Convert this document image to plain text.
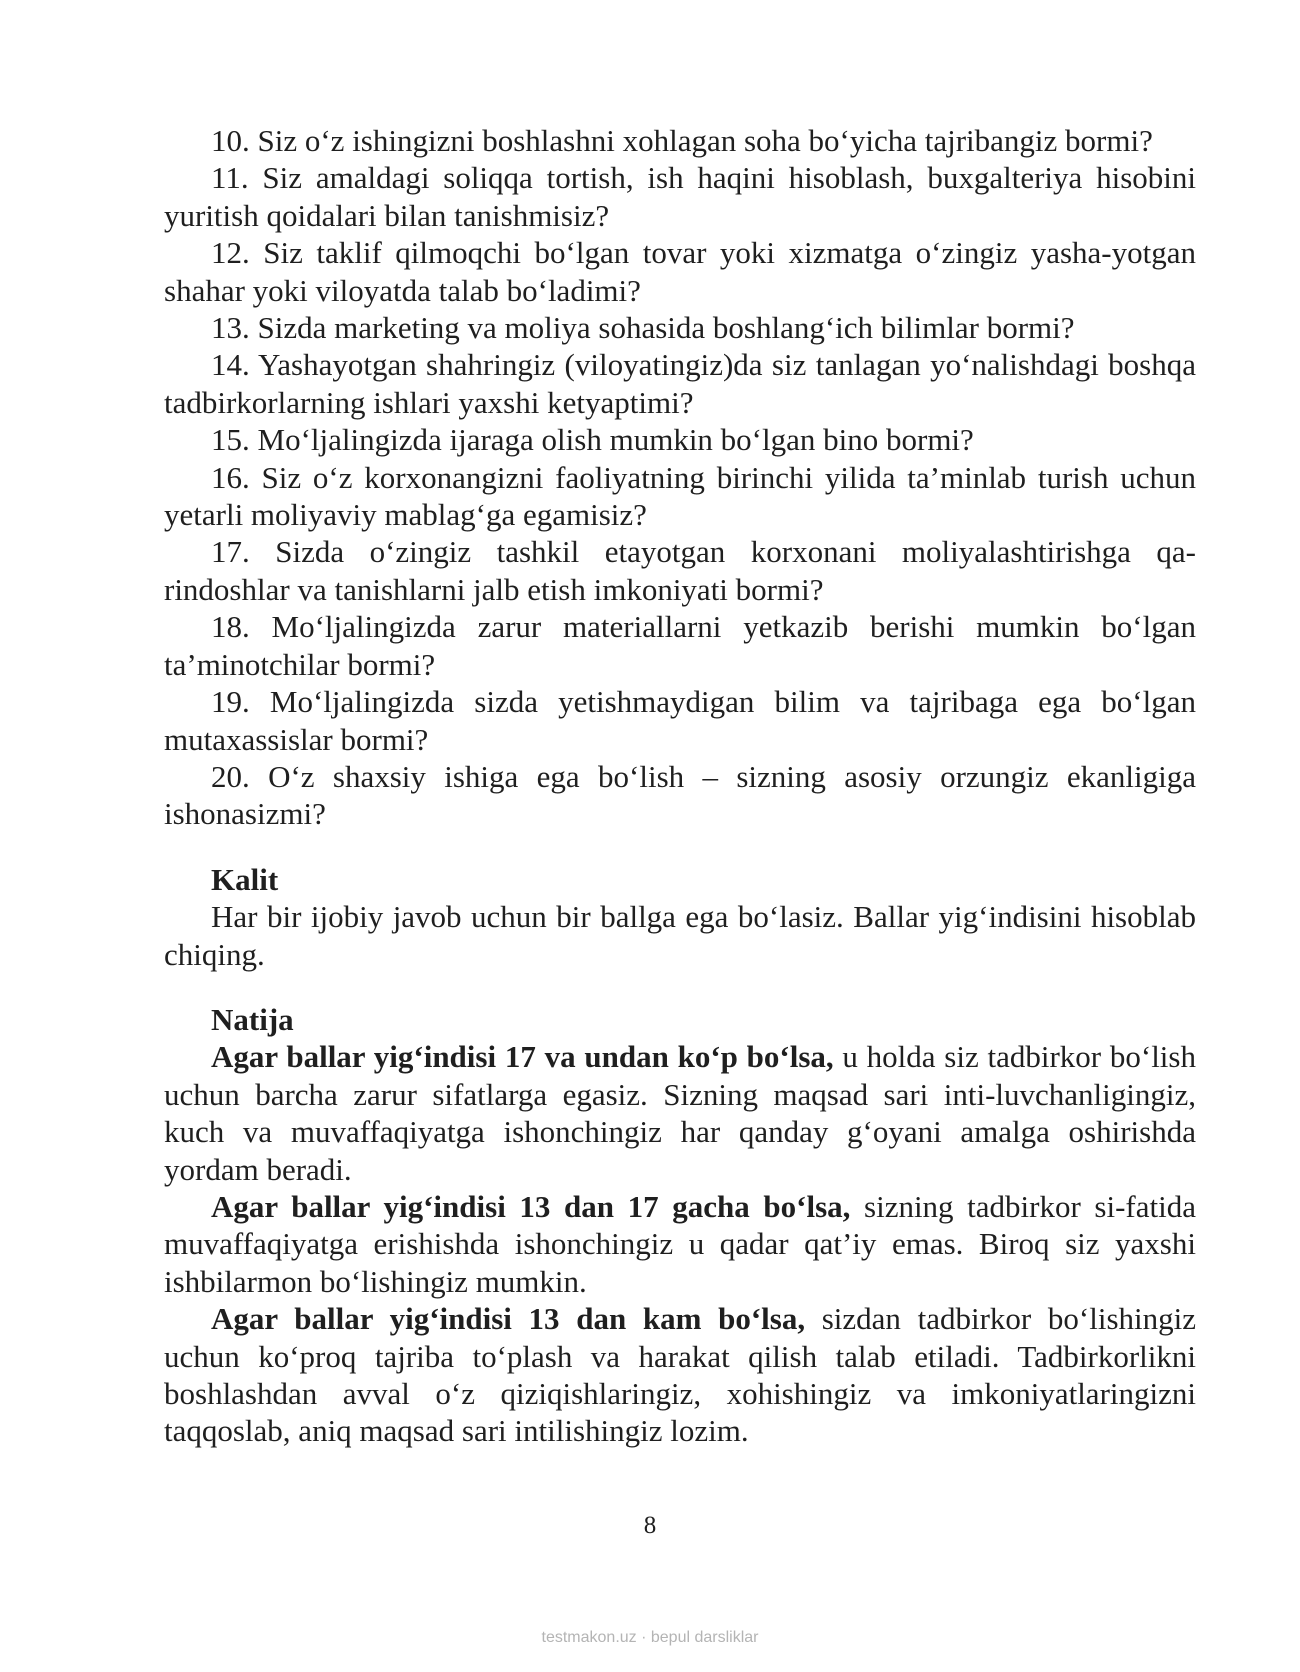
10. Siz o‘z ishingizni boshlashni xohlagan soha bo‘yicha tajribangiz bormi?

11. Siz amaldagi soliqqa tortish, ish haqini hisoblash, buxgalteriya hisobini yuritish qoidalari bilan tanishmisiz?

12. Siz taklif qilmoqchi bo‘lgan tovar yoki xizmatga o‘zingiz yasha-yotgan shahar yoki viloyatda talab bo‘ladimi?

13. Sizda marketing va moliya sohasida boshlang‘ich bilimlar bormi?

14. Yashayotgan shahringiz (viloyatingiz)da siz tanlagan yo‘nalishdagi boshqa tadbirkorlarning ishlari yaxshi ketyaptimi?

15. Mo‘ljalingizda ijaraga olish mumkin bo‘lgan bino bormi?

16. Siz o‘z korxonangizni faoliyatning birinchi yilida ta’minlab turish uchun yetarli moliyaviy mablag‘ga egamisiz?

17. Sizda o‘zingiz tashkil etayotgan korxonani moliyalashtirishga qa-rindoshlar va tanishlarni jalb etish imkoniyati bormi?

18. Mo‘ljalingizda zarur materiallarni yetkazib berishi mumkin bo‘lgan ta’minotchilar bormi?

19. Mo‘ljalingizda sizda yetishmaydigan bilim va tajribaga ega bo‘lgan mutaxassislar bormi?

20. O‘z shaxsiy ishiga ega bo‘lish – sizning asosiy orzungiz ekanligiga ishonasizmi?

Kalit

Har bir ijobiy javob uchun bir ballga ega bo‘lasiz. Ballar yig‘indisini hisoblab chiqing.

Natija

Agar ballar yig‘indisi 17 va undan ko‘p bo‘lsa, u holda siz tadbirkor bo‘lish uchun barcha zarur sifatlarga egasiz. Sizning maqsad sari inti-luvchanligingiz, kuch va muvaffaqiyatga ishonchingiz har qanday g‘oyani amalga oshirishda yordam beradi.

Agar ballar yig‘indisi 13 dan 17 gacha bo‘lsa, sizning tadbirkor si-fatida muvaffaqiyatga erishishda ishonchingiz u qadar qat’iy emas. Biroq siz yaxshi ishbilarmon bo‘lishingiz mumkin.

Agar ballar yig‘indisi 13 dan kam bo‘lsa, sizdan tadbirkor bo‘lishingiz uchun ko‘proq tajriba to‘plash va harakat qilish talab etiladi. Tadbirkorlikni boshlashdan avval o‘z qiziqishlaringiz, xohishingiz va imkoniyatlaringizni taqqoslab, aniq maqsad sari intilishingiz lozim.

8
testmakon.uz · bepul darsliklar
